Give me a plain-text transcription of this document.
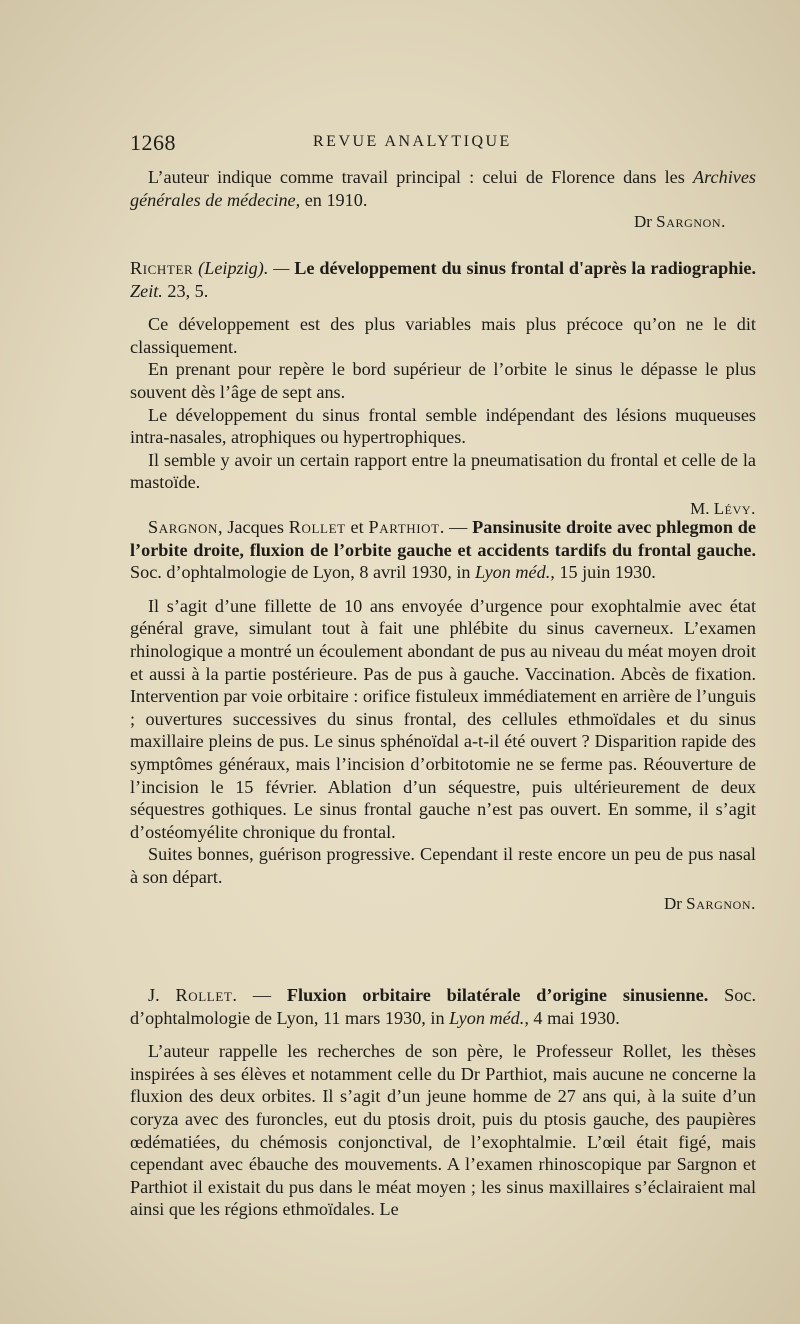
1268	REVUE ANALYTIQUE

L’auteur indique comme travail principal : celui de Florence dans les Archives générales de médecine, en 1910.

Dr Sargnon.

Richter (Leipzig). — Le développement du sinus frontal d'après la radiographie. Zeit. 23, 5.

Ce développement est des plus variables mais plus précoce qu’on ne le dit classiquement.

En prenant pour repère le bord supérieur de l’orbite le sinus le dépasse le plus souvent dès l’âge de sept ans.

Le développement du sinus frontal semble indépendant des lésions muqueuses intra-nasales, atrophiques ou hypertrophiques.

Il semble y avoir un certain rapport entre la pneumatisation du frontal et celle de la mastoïde.

M. Lévy.

Sargnon, Jacques Rollet et Parthiot. — Pansinusite droite avec phlegmon de l’orbite droite, fluxion de l’orbite gauche et accidents tardifs du frontal gauche. Soc. d’ophtalmologie de Lyon, 8 avril 1930, in Lyon méd., 15 juin 1930.

Il s’agit d’une fillette de 10 ans envoyée d’urgence pour exophtalmie avec état général grave, simulant tout à fait une phlébite du sinus caverneux. L’examen rhinologique a montré un écoulement abondant de pus au niveau du méat moyen droit et aussi à la partie postérieure. Pas de pus à gauche. Vaccination. Abcès de fixation. Intervention par voie orbitaire : orifice fistuleux immédiatement en arrière de l’unguis ; ouvertures successives du sinus frontal, des cellules ethmoïdales et du sinus maxillaire pleins de pus. Le sinus sphénoïdal a-t-il été ouvert ? Disparition rapide des symptômes généraux, mais l’incision d’orbitotomie ne se ferme pas. Réouverture de l’incision le 15 février. Ablation d’un séquestre, puis ultérieurement de deux séquestres gothiques. Le sinus frontal gauche n’est pas ouvert. En somme, il s’agit d’ostéomyélite chronique du frontal.

Suites bonnes, guérison progressive. Cependant il reste encore un peu de pus nasal à son départ.

Dr Sargnon.

J. Rollet. — Fluxion orbitaire bilatérale d’origine sinusienne. Soc. d’ophtalmologie de Lyon, 11 mars 1930, in Lyon méd., 4 mai 1930.

L’auteur rappelle les recherches de son père, le Professeur Rollet, les thèses inspirées à ses élèves et notamment celle du Dr Parthiot, mais aucune ne concerne la fluxion des deux orbites. Il s’agit d’un jeune homme de 27 ans qui, à la suite d’un coryza avec des furoncles, eut du ptosis droit, puis du ptosis gauche, des paupières œdématiées, du chémosis conjonctival, de l’exophtalmie. L’œil était figé, mais cependant avec ébauche des mouvements. A l’examen rhinoscopique par Sargnon et Parthiot il existait du pus dans le méat moyen ; les sinus maxillaires s’éclairaient mal ainsi que les régions ethmoïdales. Le
